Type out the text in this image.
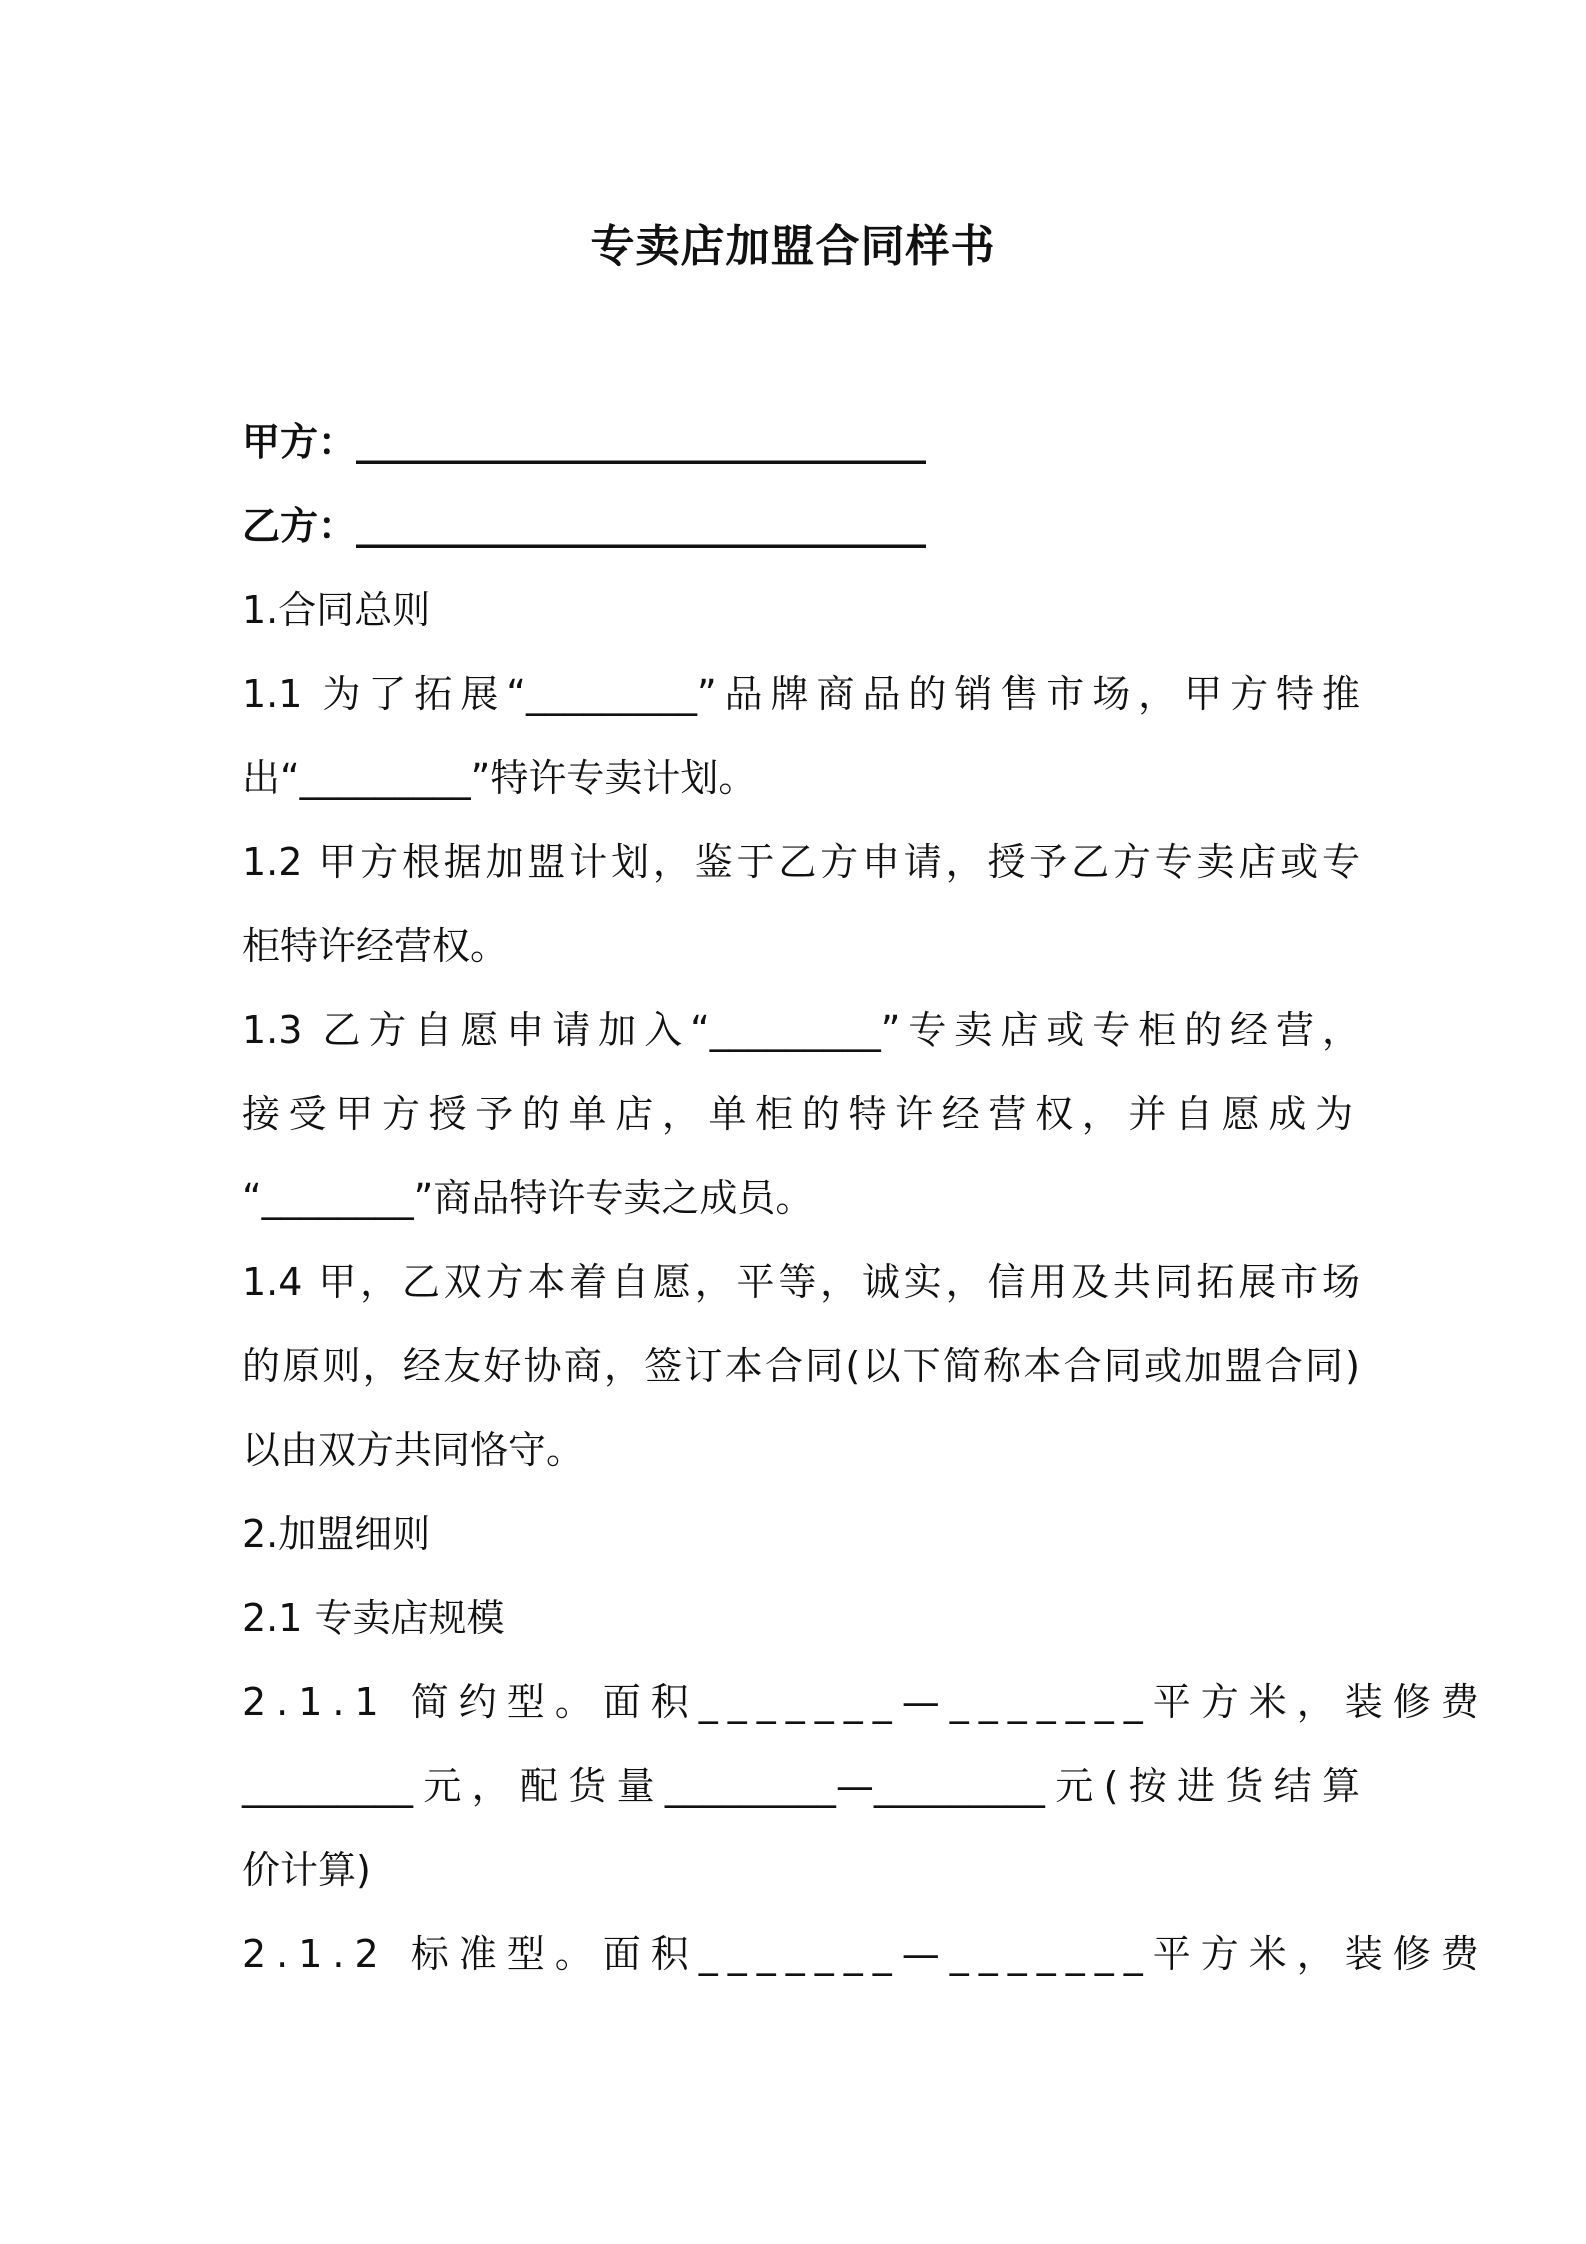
专卖店加盟合同样书
甲方：______________________________
乙方：______________________________
1.合同总则
1.1 为了拓展“_________”品牌商品的销售市场，甲方特推
出“_________”特许专卖计划。
1.2 甲方根据加盟计划，鉴于乙方申请，授予乙方专卖店或专
柜特许经营权。
1.3 乙方自愿申请加入“_________”专卖店或专柜的经营，
接受甲方授予的单店，单柜的特许经营权，并自愿成为
“________”商品特许专卖之成员。
1.4 甲，乙双方本着自愿，平等，诚实，信用及共同拓展市场
的原则，经友好协商，签订本合同(以下简称本合同或加盟合同)
以由双方共同恪守。
2.加盟细则
2.1 专卖店规模
2.1.1 简约型。面积_______—_______平方米，装修费
_________元，配货量_________—_________元(按进货结算
价计算)
2.1.2 标准型。面积_______—_______平方米，装修费
